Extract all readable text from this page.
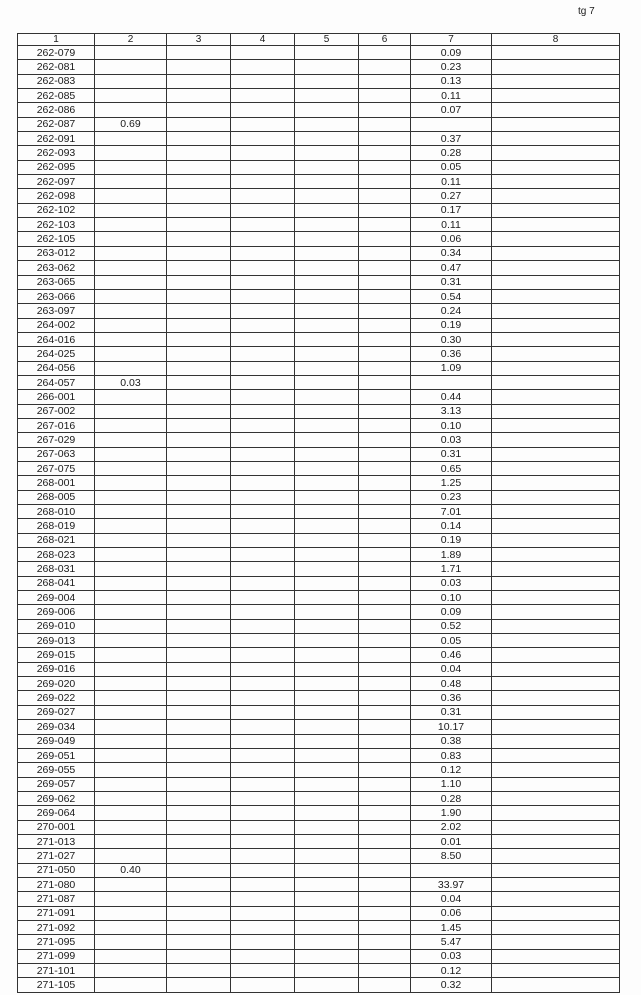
tg 7
1	2	3	4	5	6	7	8
262-079						0.09	
262-081						0.23	
262-083						0.13	
262-085						0.11	
262-086						0.07	
262-087	0.69						
262-091						0.37	
262-093						0.28	
262-095						0.05	
262-097						0.11	
262-098						0.27	
262-102						0.17	
262-103						0.11	
262-105						0.06	
263-012						0.34	
263-062						0.47	
263-065						0.31	
263-066						0.54	
263-097						0.24	
264-002						0.19	
264-016						0.30	
264-025						0.36	
264-056						1.09	
264-057	0.03						
266-001						0.44	
267-002						3.13	
267-016						0.10	
267-029						0.03	
267-063						0.31	
267-075						0.65	
268-001						1.25	
268-005						0.23	
268-010						7.01	
268-019						0.14	
268-021						0.19	
268-023						1.89	
268-031						1.71	
268-041						0.03	
269-004						0.10	
269-006						0.09	
269-010						0.52	
269-013						0.05	
269-015						0.46	
269-016						0.04	
269-020						0.48	
269-022						0.36	
269-027						0.31	
269-034						10.17	
269-049						0.38	
269-051						0.83	
269-055						0.12	
269-057						1.10	
269-062						0.28	
269-064						1.90	
270-001						2.02	
271-013						0.01	
271-027						8.50	
271-050	0.40						
271-080						33.97	
271-087						0.04	
271-091						0.06	
271-092						1.45	
271-095						5.47	
271-099						0.03	
271-101						0.12	
271-105						0.32	
